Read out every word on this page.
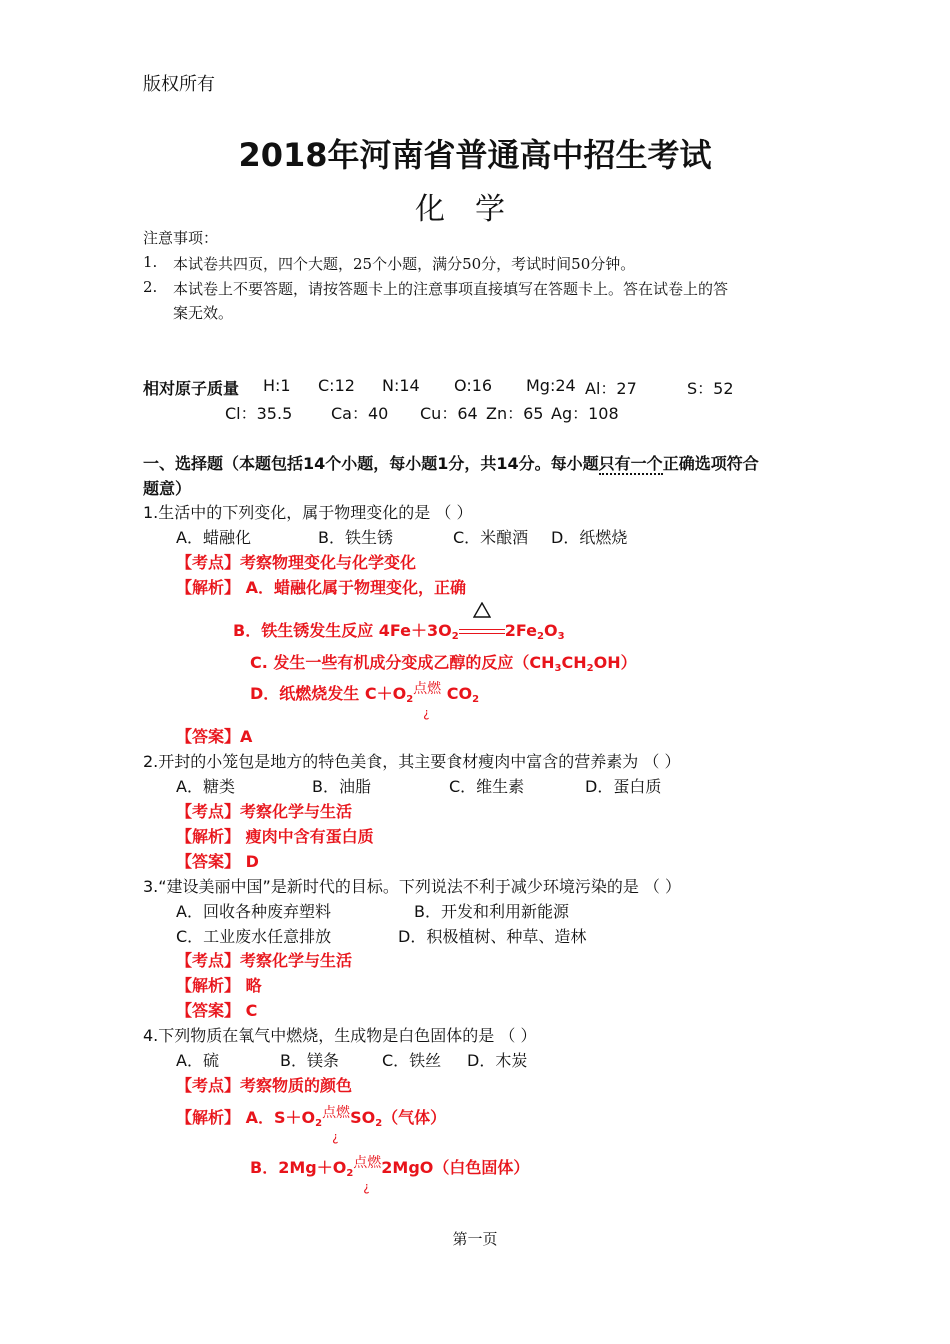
版权所有
2018年河南省普通高中招生考试
化学
注意事项：
1. 本试卷共四页，四个大题，25个小题，满分50分，考试时间50分钟。
2. 本试卷上不要答题，请按答题卡上的注意事项直接填写在答题卡上。答在试卷上的答
案无效。
相对原子质量 H:1 C:12 N:14 O:16 Mg:24 Al：27	S：52
Cl：35.5 Ca：40 Cu：64 Zn：65 Ag：108
一、选择题（本题包括14个小题，每小题1分，共14分。每小题只有一个正确选项符合
题意）
1.生活中的下列变化，属于物理变化的是 （ ）
A．蜡融化	B．铁生锈	C．米酿酒 D．纸燃烧
【考点】考察物理变化与化学变化
【解析】 A．蜡融化属于物理变化，正确
B．铁生锈发生反应 $4Fe+3O_2$	$2Fe_2O_3$
C. 发生一些有机成分变成乙醇的反应$(CH_3CH_2OH)$
D．纸燃烧发生 $C+O_2$点燃
¿
$CO_2$
【答案】A
2.开封的小笼包是地方的特色美食，其主要食材瘦肉中富含的营养素为 （ ）
A．糖类	B．油脂	C．维生素	D．蛋白质
【考点】考察化学与生活
【解析】 瘦肉中含有蛋白质
【答案】 D
3.“建设美丽中国”是新时代的目标。下列说法不利于减少环境污染的是 （ ）
A．回收各种废弃塑料	B．开发和利用新能源
C．工业废水任意排放	D．积极植树、种草、造林
【考点】考察化学与生活
【解析】 略
【答案】 C
4.下列物质在氧气中燃烧，生成物是白色固体的是 （ ）
A．硫	B．镁条	C．铁丝 D．木炭
【考点】考察物质的颜色
【解析】 A．$S+O_2$点燃
¿
$SO_2$（气体）
B．$2Mg+O_2$点燃
¿
2MgO（白色固体）
第一页
